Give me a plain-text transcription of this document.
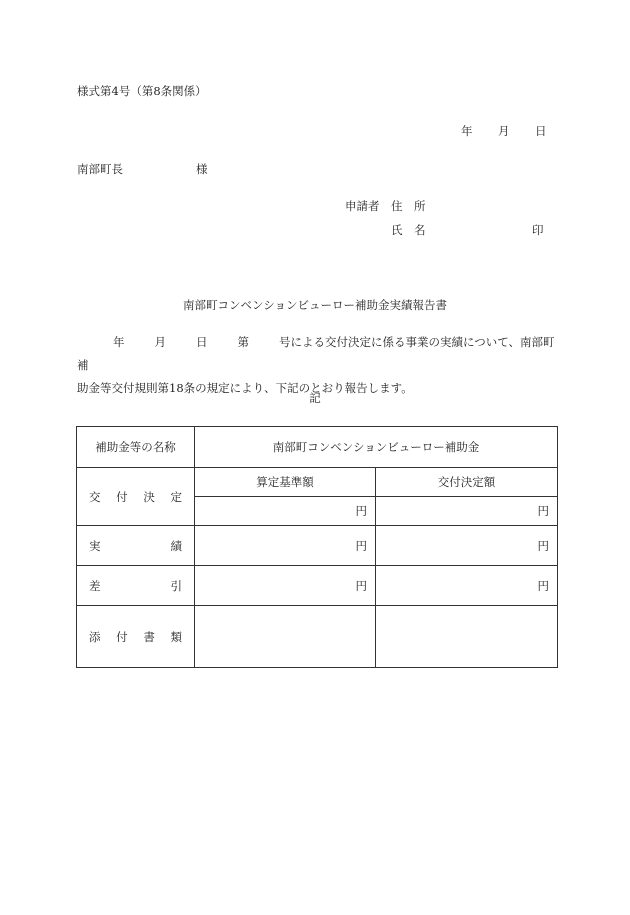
様式第4号（第8条関係）
年 月 日
南部町長	様
申請者 住　所
氏　名	印
南部町コンベンションビューロー補助金実績報告書
年	月	日	第	号による交付決定に係る事業の実績について、南部町補
助金等交付規則第18条の規定により、下記のとおり報告します。
記
補助金等の名称	南部町コンベンションビューロー補助金	

交 付 決 定	算定基準額	交付決定額
	円	円

実 績	円	円

差 引	円	円

添 付 書 類		
